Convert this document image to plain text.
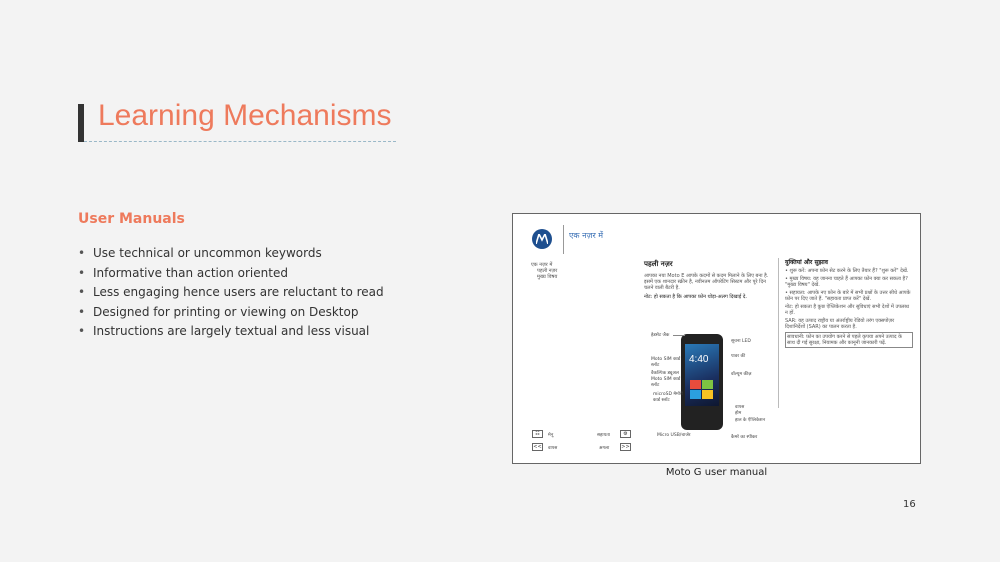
Learning Mechanisms
User Manuals
• Use technical or uncommon keywords
• Informative than action oriented
• Less engaging hence users are reluctant to read
• Designed for printing or viewing on Desktop
• Instructions are largely textual and less visual
एक नज़र में
एक नज़र में
पहली नज़र
मुख्य विषय
पहली नज़र

आपका नया Moto E आपके कदमों से कदम मिलाने के लिए बना है. इसमें एक शानदार स्क्रीन है, नवीनतम ऑपरेटिंग सिस्टम और पूरे दिन चलने वाली बैटरी है.

नोट: हो सकता है कि आपका फ़ोन थोड़ा-अलग दिखाई दे.

4:40
हेडसेट जैक
Moto SIM कार्ड स्लॉट
वैकल्पिक ड्यूअल Moto SIM कार्ड स्लॉट
microSD मेमोरी कार्ड स्लॉट
Micro USB/चार्जर
सूचना LED
पावर की
वॉल्यूम कीज़
वापस
होम
हाल के ऐप्लिकेशन
कैमरे का स्पीकर
युक्तियां और सुझाव

• शुरू करें: अपना फ़ोन सेट करने के लिए तैयार हैं? "शुरू करें" देखें.

• मुख्य विषय: यह जानना चाहते हैं आपका फ़ोन क्या कर सकता है? "मुख्य विषय" देखें.

• सहायता: आपके नए फ़ोन के बारे में सभी प्रश्नों के उत्तर सीधे आपके फ़ोन पर दिए जाते हैं. "सहायता प्राप्त करें" देखें.

नोट: हो सकता है कुछ ऐप्लिकेशन और सुविधाएं सभी देशों में उपलब्ध न हों.

SAR: यह उत्पाद राष्ट्रीय या अंतर्राष्ट्रीय रेडियो तरंग एक्सपोज़र दिशानिर्देशों (SAR) का पालन करता है.

सावधानी: फ़ोन का उपयोग करने से पहले कृपया अपने उत्पाद के साथ दी गई सुरक्षा, नियामक और कानूनी जानकारी पढ़ें.

☷	मेनू
<< वापस
सहायता	⚙
अगला >>
Moto G user manual
16
